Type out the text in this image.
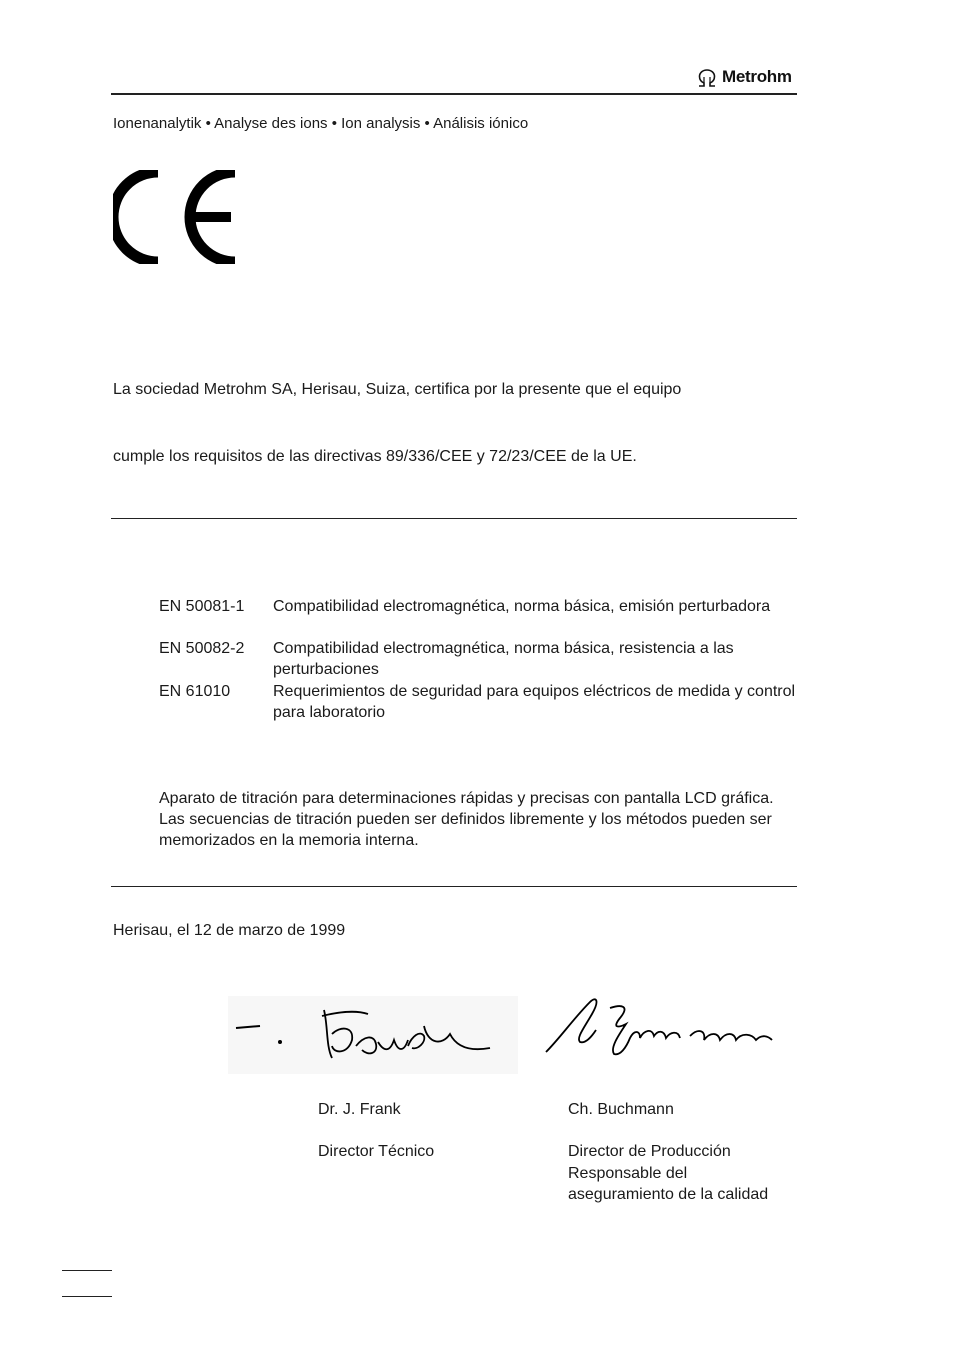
Metrohm
Ionenanalytik • Analyse des ions • Ion analysis • Análisis iónico
La sociedad Metrohm SA, Herisau, Suiza, certifica por la presente que el equipo
cumple los requisitos de las directivas 89/336/CEE y 72/23/CEE de la UE.
EN 50081-1 Compatibilidad electromagnética, norma básica, emisión perturbadora
EN 50082-2 Compatibilidad electromagnética, norma básica, resistencia a las perturbaciones
EN 61010	Requerimientos de seguridad para equipos eléctricos de medida y control para laboratorio
Aparato de titración para determinaciones rápidas y precisas con pantalla LCD gráfica. Las secuencias de titración pueden ser definidos libremente y los métodos pueden ser memorizados en la memoria interna.
Herisau, el 12 de marzo de 1999
Dr. J. Frank
Director Técnico
Ch. Buchmann
Director de Producción
Responsable del
aseguramiento de la calidad
